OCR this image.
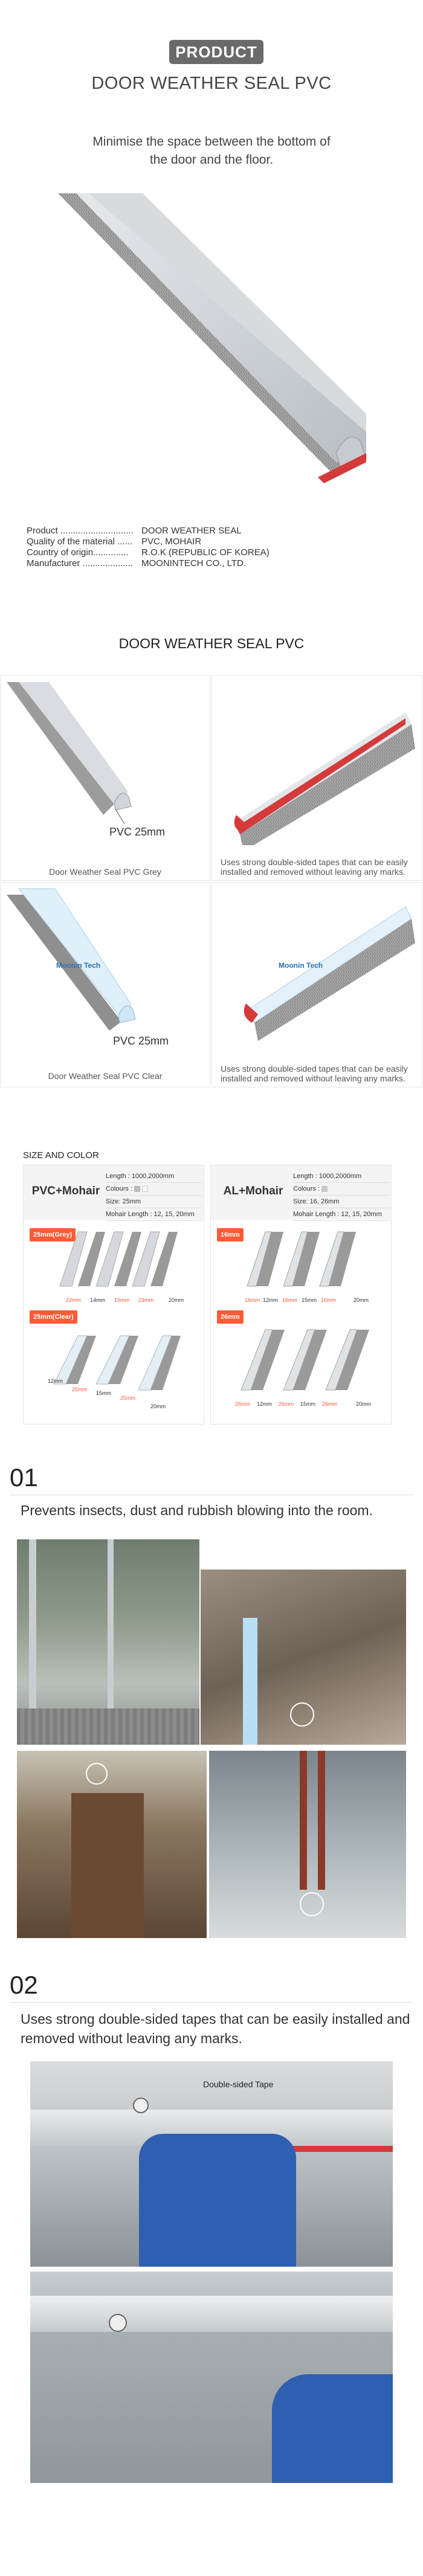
PRODUCT
DOOR WEATHER SEAL PVC
Minimise the space between the bottom of the door and the floor.
Product ............................. DOOR WEATHER SEAL
Quality of the material ...... PVC, MOHAIR
Country of origin..............	R.O.K (REPUBLIC OF KOREA)
Manufacturer .................... MOONINTECH CO., LTD.
DOOR WEATHER SEAL PVC
PVC 25mm
Door Weather Seal PVC Grey
Uses strong double-sided tapes that can be easily installed and removed without leaving any marks.
Moonin Tech
PVC 25mm
Door Weather Seal PVC Clear
Moonin Tech
Uses strong double-sided tapes that can be easily installed and removed without leaving any marks.
SIZE AND COLOR
PVC+Mohair
Length : 1000,2000mm
Colours :
Size: 25mm
Mohair Length : 12, 15, 20mm
25mm(Grey)
22mm 14mm 15mm 23mm	20mm
25mm(Clear)
12mm
25mm
15mm
25mm
20mm
AL+Mohair
Length : 1000,2000mm
Colours :
Size: 16, 26mm
Mohair Length : 12, 15, 20mm
16mm
16mm 12mm 16mm 15mm 16mm	20mm
26mm
26mm 12mm 26mm 15mm 26mm	20mm
01
Prevents insects, dust and rubbish blowing into the room.
02
Uses strong double-sided tapes that can be easily installed and removed without leaving any marks.
Double-sided Tape
